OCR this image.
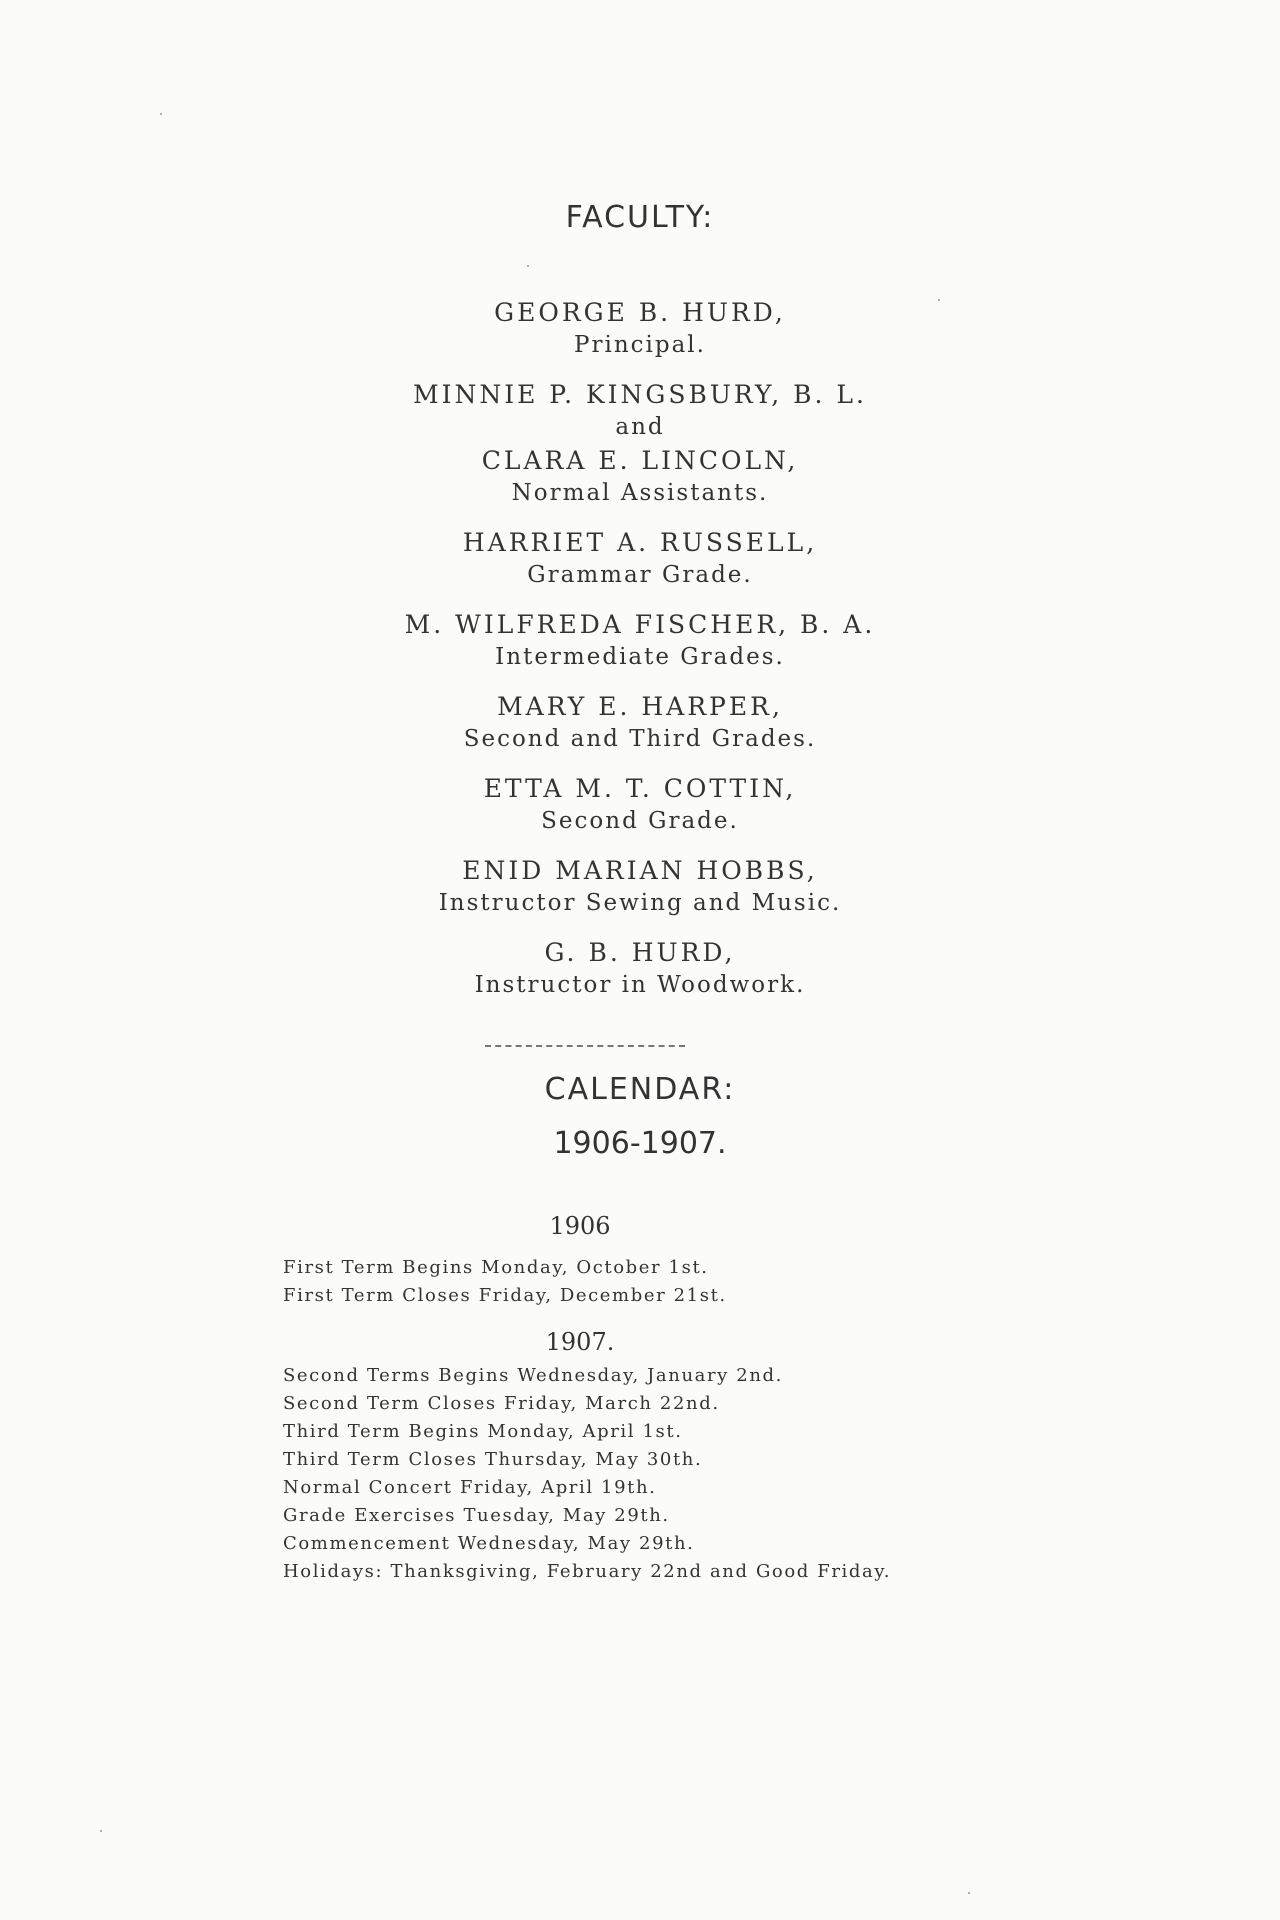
FACULTY:
GEORGE B. HURD,
Principal.
MINNIE P. KINGSBURY, B. L.
and
CLARA E. LINCOLN,
Normal Assistants.
HARRIET A. RUSSELL,
Grammar Grade.
M. WILFREDA FISCHER, B. A.
Intermediate Grades.
MARY E. HARPER,
Second and Third Grades.
ETTA M. T. COTTIN,
Second Grade.
ENID MARIAN HOBBS,
Instructor Sewing and Music.
G. B. HURD,
Instructor in Woodwork.
CALENDAR:
1906-1907.
1906
First Term Begins Monday, October 1st.
First Term Closes Friday, December 21st.
1907.
Second Terms Begins Wednesday, January 2nd.
Second Term Closes Friday, March 22nd.
Third Term Begins Monday, April 1st.
Third Term Closes Thursday, May 30th.
Normal Concert Friday, April 19th.
Grade Exercises Tuesday, May 29th.
Commencement Wednesday, May 29th.
Holidays: Thanksgiving, February 22nd and Good Friday.
